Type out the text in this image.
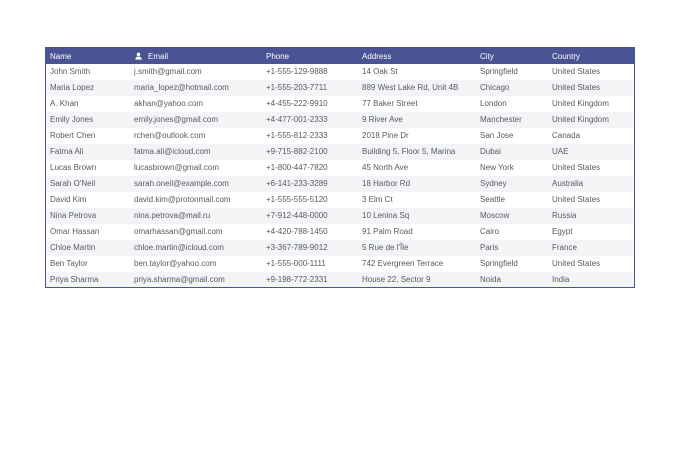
Name	Email	Phone	Address	City	Country
John Smith	j.smith@gmail.com	+1-555-129-9888	14 Oak St	Springfield	United States
Maria Lopez	maria_lopez@hotmail.com	+1-555-203-7711	889 West Lake Rd, Unit 4B	Chicago	United States
A. Khan	akhan@yahoo.com	+4-455-222-9910	77 Baker Street	London	United Kingdom
Emily Jones	emily.jones@gmail.com	+4-477-001-2333	9 River Ave	Manchester	United Kingdom
Robert Chen	rchen@outlook.com	+1-555-812-2333	2018 Pine Dr	San Jose	Canada
Fatma Ali	fatma.ali@icloud.com	+9-715-882-2100	Building 5, Floor 5, Marina	Dubai	UAE
Lucas Brown	lucasbrown@gmail.com	+1-800-447-7820	45 North Ave	New York	United States
Sarah O'Neil	sarah.oneil@example.com	+6-141-233-3289	18 Harbor Rd	Sydney	Australia
David Kim	david.kim@protonmail.com	+1-555-555-5120	3 Elm Ct	Seattle	United States
Nina Petrova	nina.petrova@mail.ru	+7-912-448-0000	10 Lenina Sq	Moscow	Russia
Omar Hassan	omarhassan@gmail.com	+4-420-788-1450	91 Palm Road	Cairo	Egypt
Chloe Martin	chloe.martin@icloud.com	+3-367-789-9012	5 Rue de l'Île	Paris	France
Ben Taylor	ben.taylor@yahoo.com	+1-555-000-1111	742 Evergreen Terrace	Springfield	United States
Priya Sharma	priya.sharma@gmail.com	+9-198-772-2331	House 22, Sector 9	Noida	India
